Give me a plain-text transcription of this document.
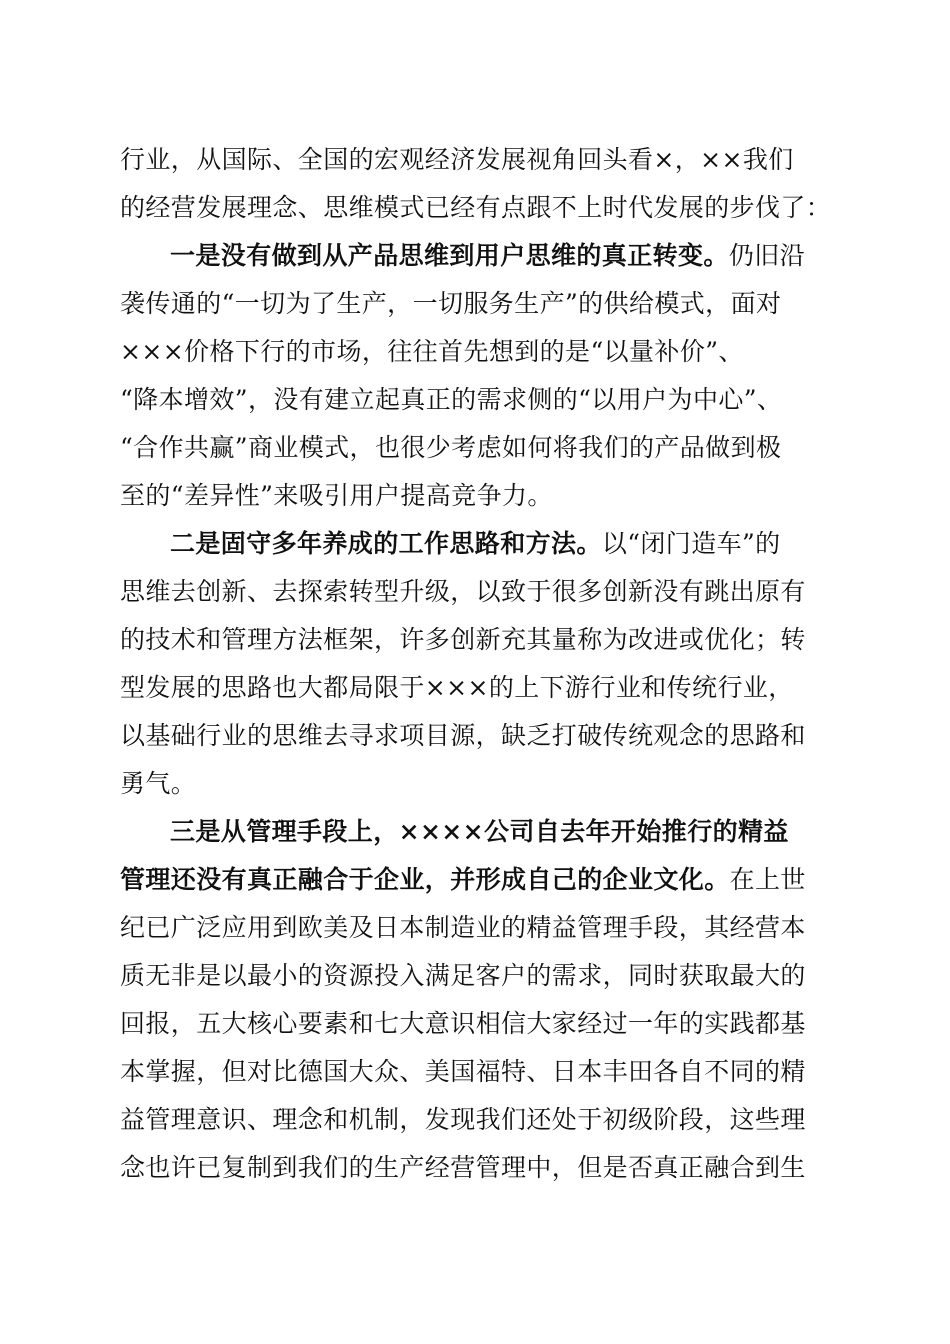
行业，从国际、全国的宏观经济发展视角回头看×，××我们
的经营发展理念、思维模式已经有点跟不上时代发展的步伐了：
一是没有做到从产品思维到用户思维的真正转变。仍旧沿
袭传通的“一切为了生产，一切服务生产”的供给模式，面对
×××价格下行的市场，往往首先想到的是“以量补价”、
“降本增效”，没有建立起真正的需求侧的“以用户为中心”、
“合作共赢”商业模式，也很少考虑如何将我们的产品做到极
至的“差异性”来吸引用户提高竞争力。
二是固守多年养成的工作思路和方法。以“闭门造车”的
思维去创新、去探索转型升级，以致于很多创新没有跳出原有
的技术和管理方法框架，许多创新充其量称为改进或优化；转
型发展的思路也大都局限于×××的上下游行业和传统行业，
以基础行业的思维去寻求项目源，缺乏打破传统观念的思路和
勇气。
三是从管理手段上，××××公司自去年开始推行的精益
管理还没有真正融合于企业，并形成自己的企业文化。在上世
纪已广泛应用到欧美及日本制造业的精益管理手段，其经营本
质无非是以最小的资源投入满足客户的需求，同时获取最大的
回报，五大核心要素和七大意识相信大家经过一年的实践都基
本掌握，但对比德国大众、美国福特、日本丰田各自不同的精
益管理意识、理念和机制，发现我们还处于初级阶段，这些理
念也许已复制到我们的生产经营管理中，但是否真正融合到生
